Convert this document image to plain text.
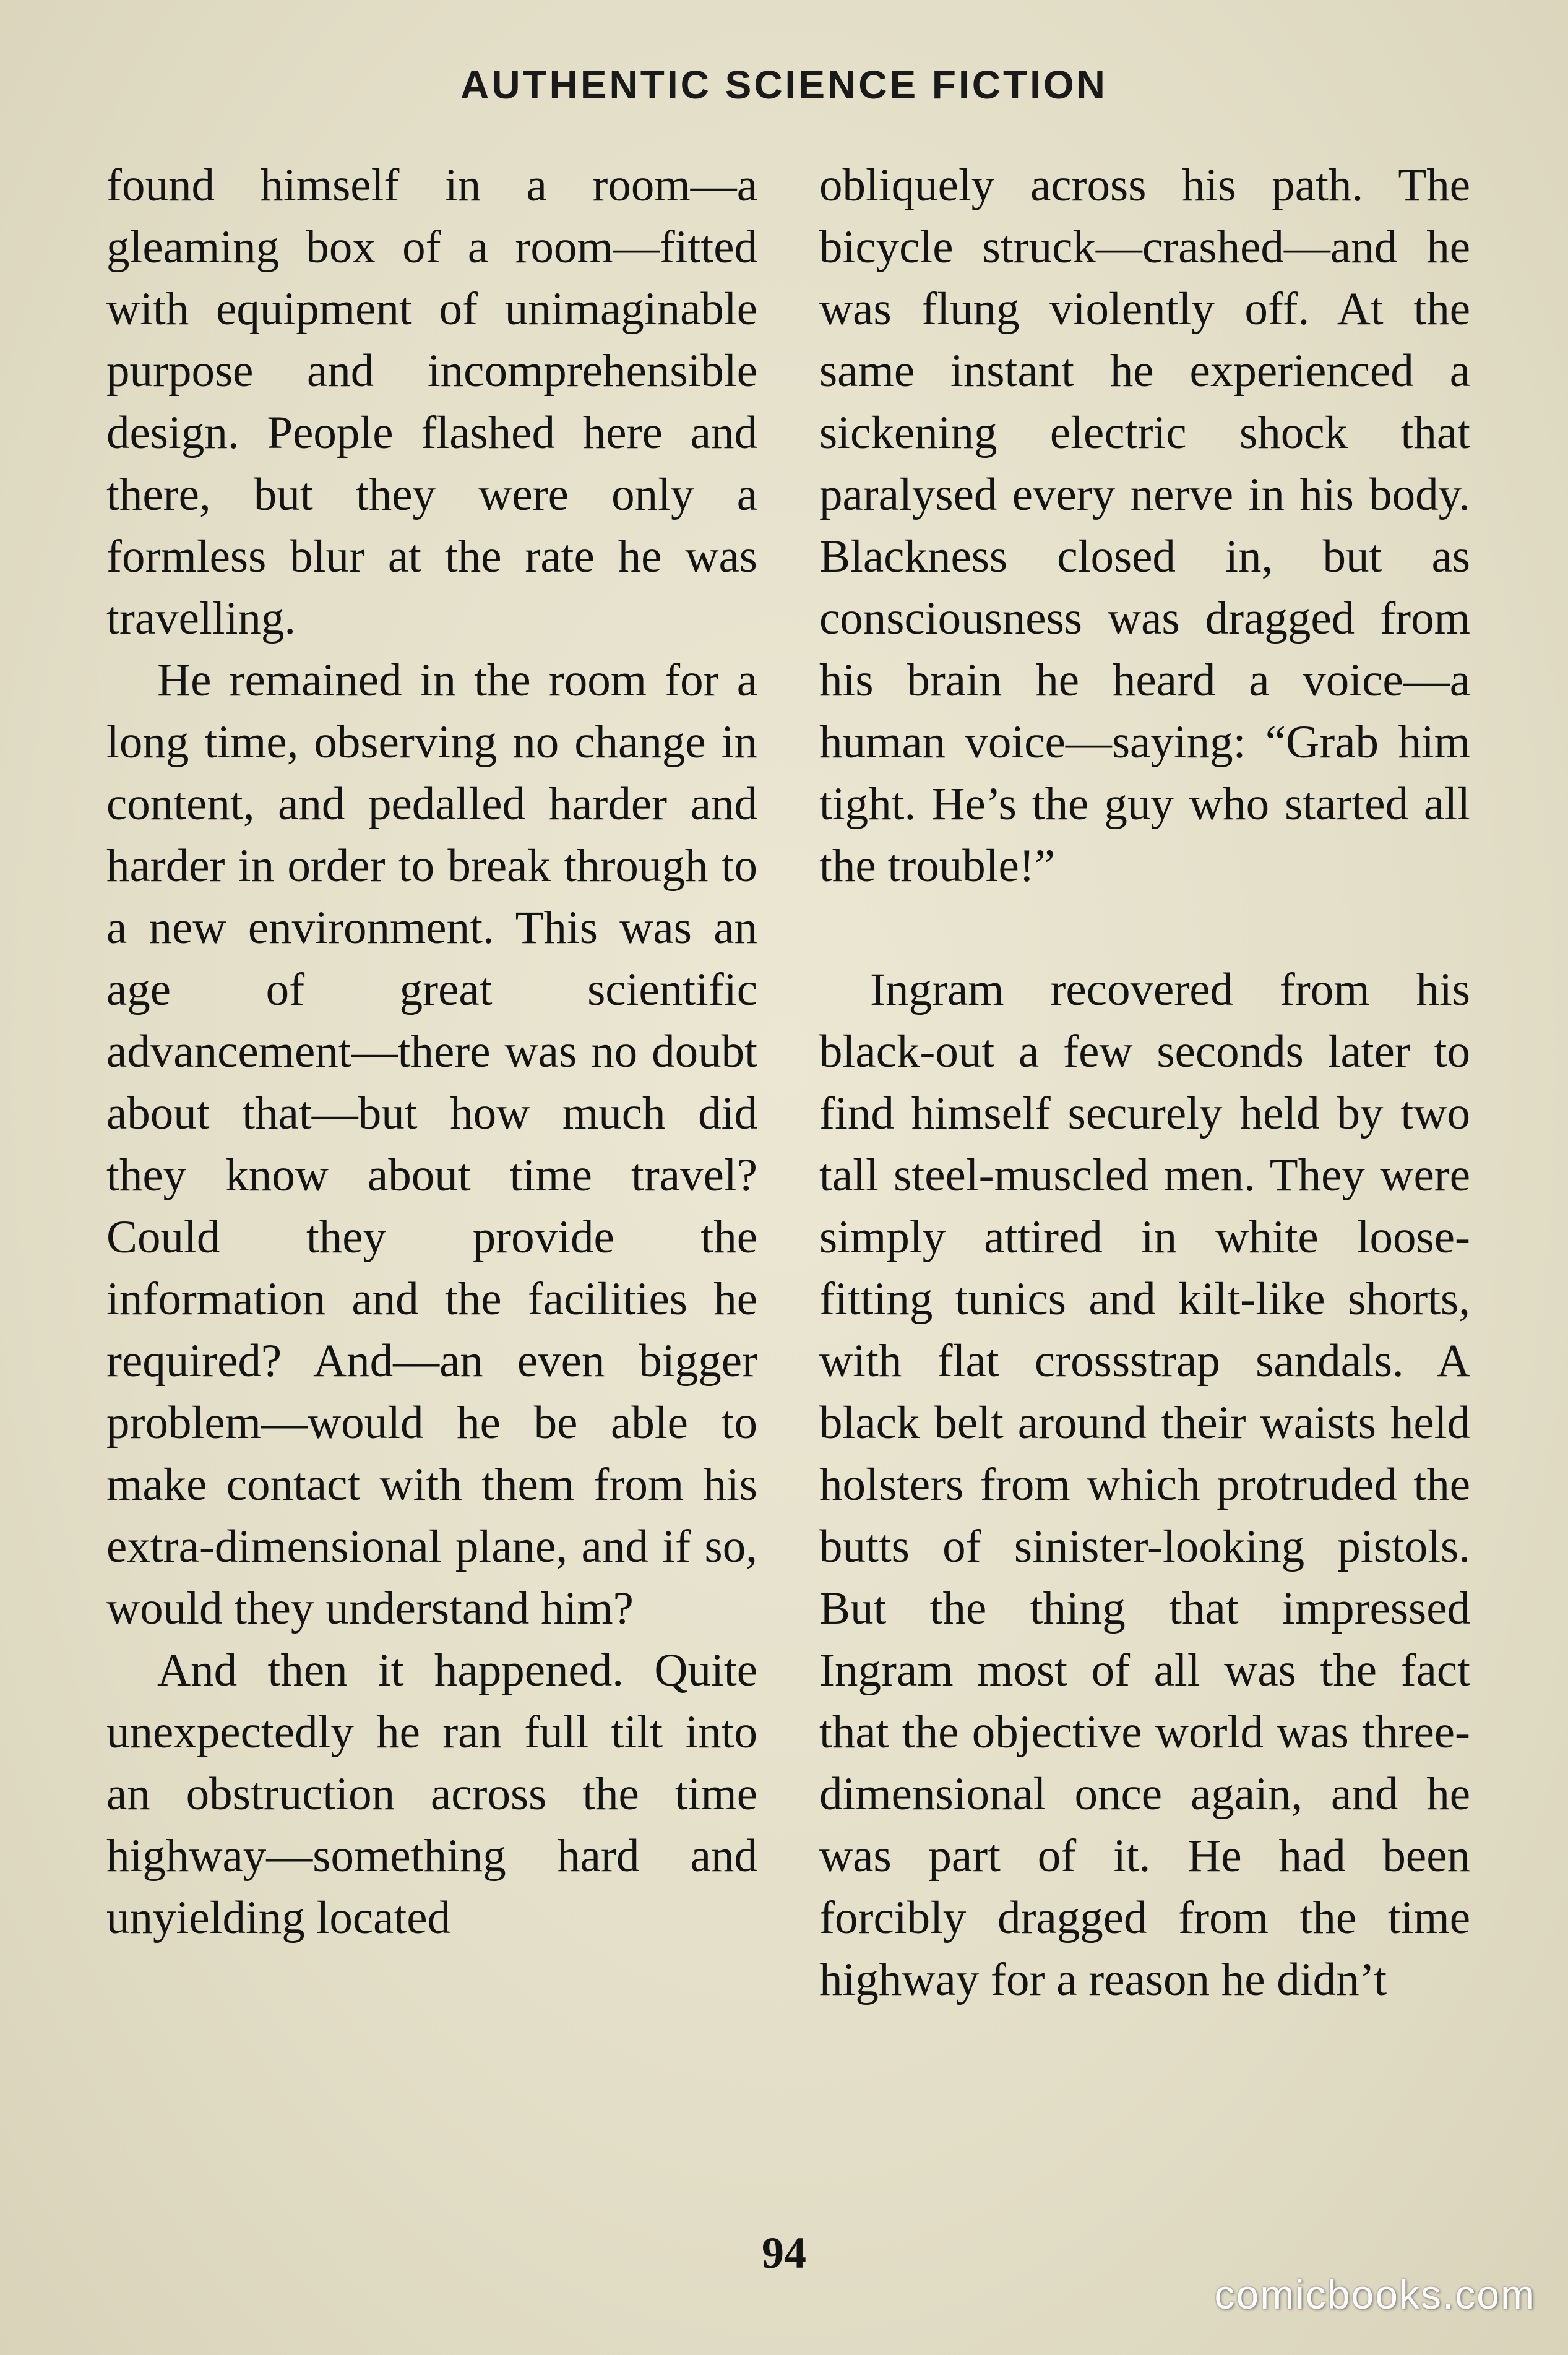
AUTHENTIC SCIENCE FICTION

found himself in a room—a gleaming box of a room—fitted with equipment of unimaginable purpose and incomprehensible design. People flashed here and there, but they were only a formless blur at the rate he was travelling.

He remained in the room for a long time, observing no change in content, and pedalled harder and harder in order to break through to a new environment. This was an age of great scientific advancement—there was no doubt about that—but how much did they know about time travel? Could they provide the information and the facilities he required? And—an even bigger problem—would he be able to make contact with them from his extra-dimensional plane, and if so, would they understand him?

And then it happened. Quite unexpectedly he ran full tilt into an obstruction across the time highway—something hard and unyielding located

obliquely across his path. The bicycle struck—crashed—and he was flung violently off. At the same instant he experienced a sickening electric shock that paralysed every nerve in his body. Blackness closed in, but as consciousness was dragged from his brain he heard a voice—a human voice—saying: “Grab him tight. He’s the guy who started all the trouble!”

Ingram recovered from his black-out a few seconds later to find himself securely held by two tall steel-muscled men. They were simply attired in white loose-fitting tunics and kilt-like shorts, with flat crossstrap sandals. A black belt around their waists held holsters from which protruded the butts of sinister-looking pistols. But the thing that impressed Ingram most of all was the fact that the objective world was three-dimensional once again, and he was part of it. He had been forcibly dragged from the time highway for a reason he didn’t

94
comicbooks.com
